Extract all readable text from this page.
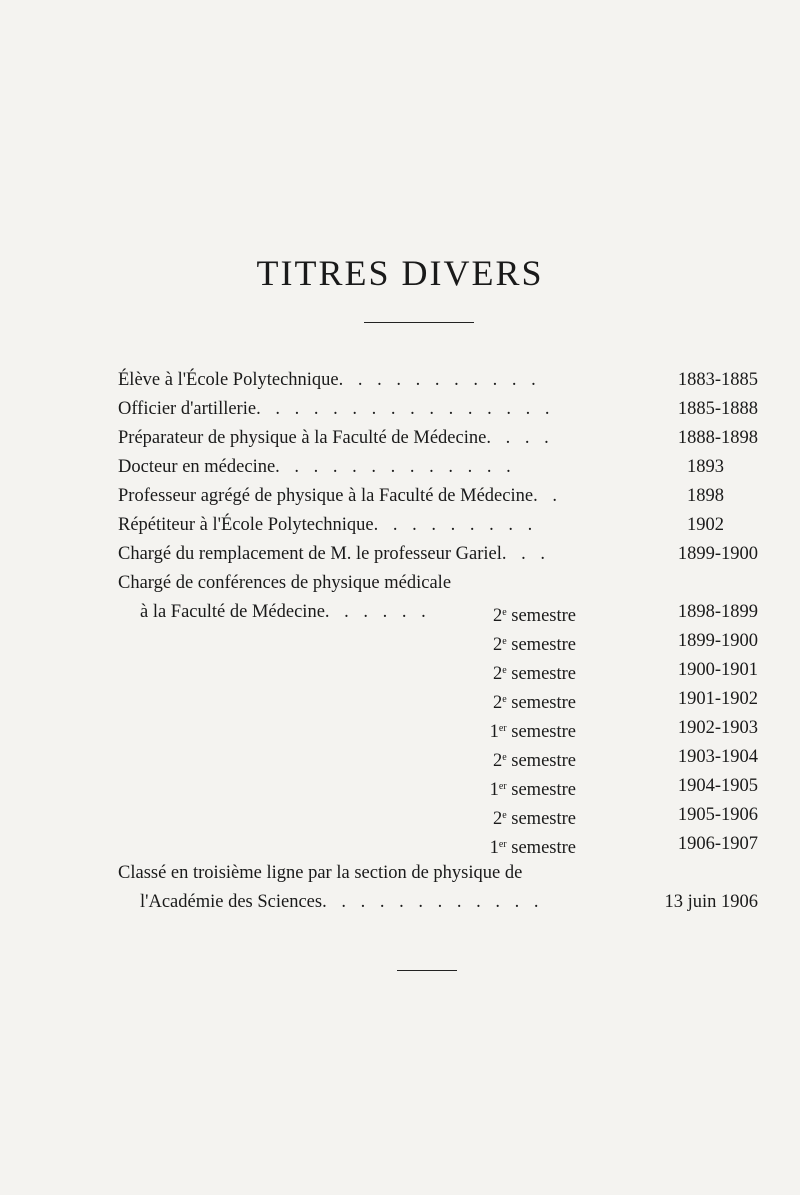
TITRES DIVERS
Élève à l'École Polytechnique. . . . . . . . . . .	1883-1885
Officier d'artillerie. . . . . . . . . . . . . . . .	1885-1888
Préparateur de physique à la Faculté de Médecine. . . .	1888-1898
Docteur en médecine. . . . . . . . . . . . .	1893
Professeur agrégé de physique à la Faculté de Médecine. .	1898
Répétiteur à l'École Polytechnique. . . . . . . . .	1902
Chargé du remplacement de M. le professeur Gariel. . .	1899-1900
Chargé de conférences de physique médicale
à la Faculté de Médecine. . . . . .	2e semestre	1898-1899
2e semestre	1899-1900
2e semestre	1900-1901
2e semestre	1901-1902
1er semestre	1902-1903
2e semestre	1903-1904
1er semestre	1904-1905
2e semestre	1905-1906
1er semestre	1906-1907
Classé en troisième ligne par la section de physique de
l'Académie des Sciences. . . . . . . . . . . .	13 juin 1906
